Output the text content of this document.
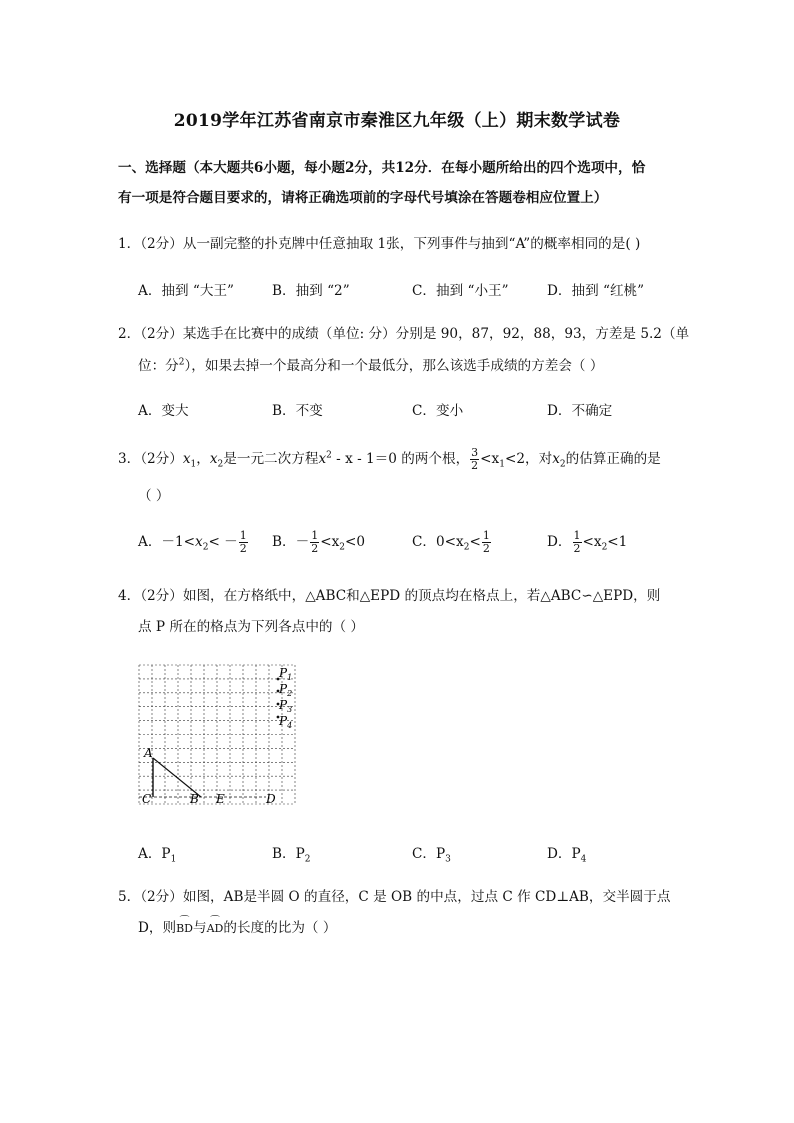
2019学年江苏省南京市秦淮区九年级（上）期末数学试卷
一、选择题（本大题共6小题，每小题2分，共12分．在每小题所给出的四个选项中，恰
有一项是符合题目要求的，请将正确选项前的字母代号填涂在答题卷相应位置上）
1．（2分）从一副完整的扑克牌中任意抽取 1张，下列事件与抽到“A”的概率相同的是( )
A．抽到 “大王”	B．抽到 “2”	C．抽到 “小王”	D．抽到 “红桃”
2．（2分）某选手在比赛中的成绩（单位: 分）分别是 90，87，92，88，93，方差是 5.2（单
位：分$^2$），如果去掉一个最高分和一个最低分，那么该选手成绩的方差会（ ）
A．变大	B．不变	C．变小	D．不确定
3．（2分）$x_1$，$x_2$是一元二次方程$x^2 - x - 1=0$ 的两个根， $\frac{3}{2} <x_1<2$，对$x_2$的估算正确的是
（ ）
A．$-1<x_2< - \frac{1}{2}$ B．－ $\frac{1}{2} <x_2<0$	C．$0<x_2< \frac{1}{2}$	D． $\frac{1}{2} <x_2<1$
4．（2分）如图，在方格纸中，△ABC和△EPD 的顶点均在格点上，若△ABC∽△EPD，则
点 P 所在的格点为下列各点中的（ ）
A
C	B E	D
$P_1$
$P_2$
$P_3$
$P_4$
A．$P_1$	B．$P_2$	C．$P_3$	D．$P_4$
5．（2分）如图，AB是半圆 O 的直径，C 是 OB 的中点，过点 C 作 CD⊥AB，交半圆于点
D，则⌒ BD与⌒ AD的长度的比为（ ）
